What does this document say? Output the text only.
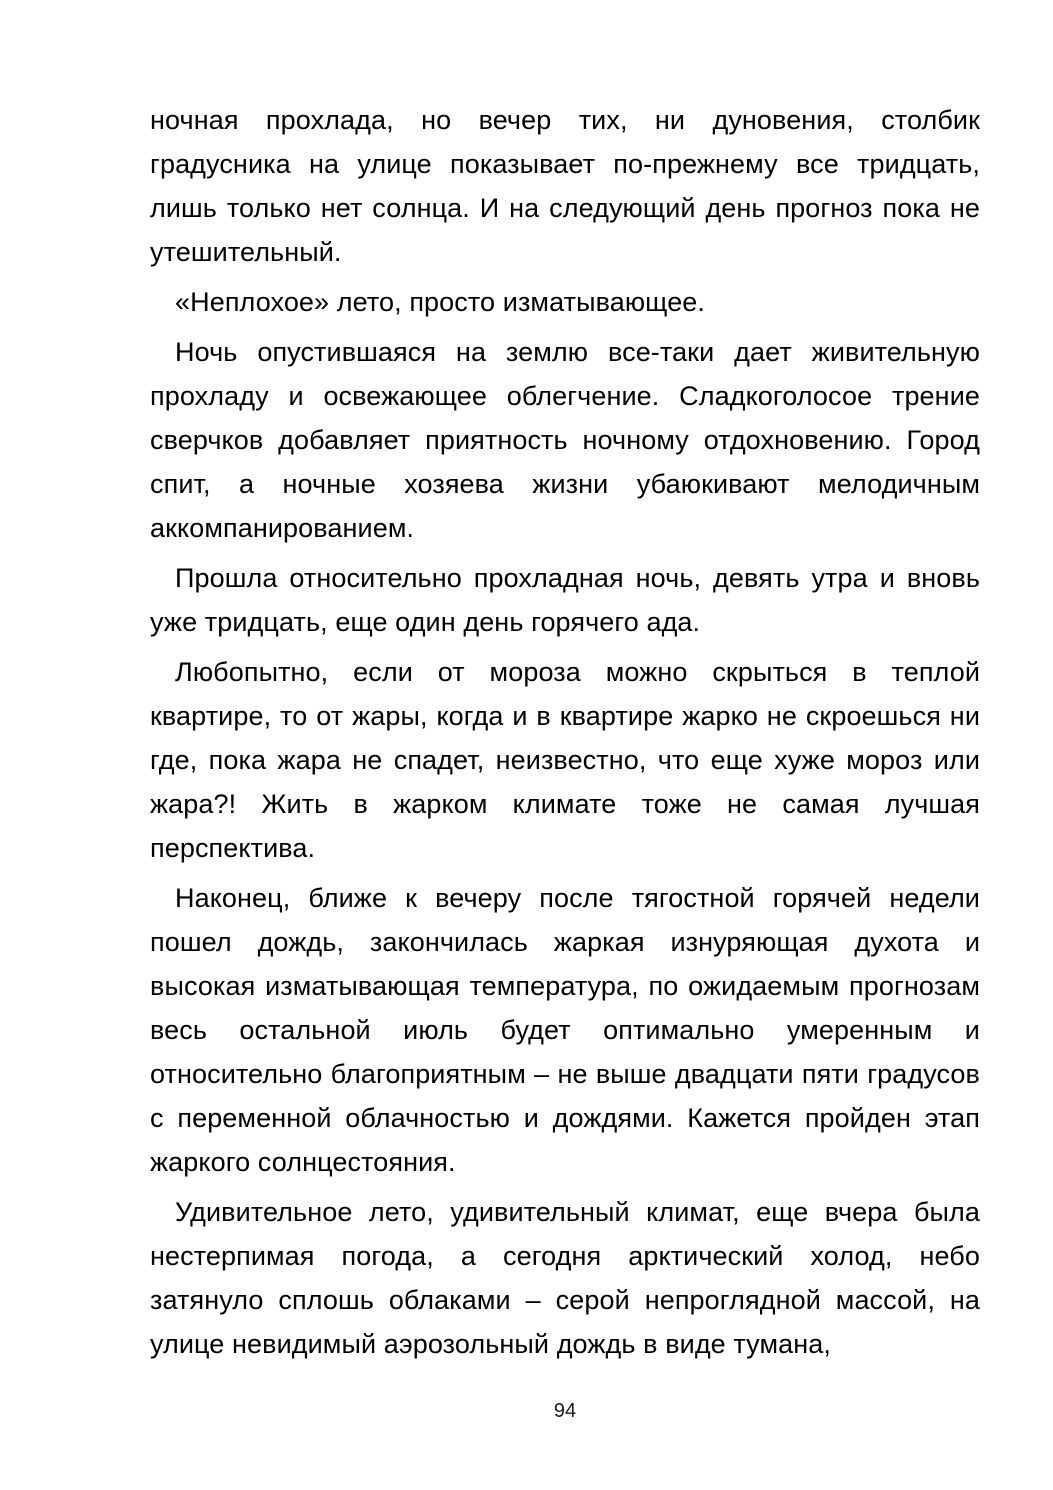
ночная прохлада, но вечер тих, ни дуновения, столбик градусника на улице показывает по-прежнему все тридцать, лишь только нет солнца. И на следующий день прогноз пока не утешительный.

«Неплохое» лето, просто изматывающее.

Ночь опустившаяся на землю все-таки дает живительную прохладу и освежающее облегчение. Сладкоголосое трение сверчков добавляет приятность ночному отдохновению. Город спит, а ночные хозяева жизни убаюкивают мелодичным аккомпанированием.

Прошла относительно прохладная ночь, девять утра и вновь уже тридцать, еще один день горячего ада.

Любопытно, если от мороза можно скрыться в теплой квартире, то от жары, когда и в квартире жарко не скроешься ни где, пока жара не спадет, неизвестно, что еще хуже мороз или жара?! Жить в жарком климате тоже не самая лучшая перспектива.

Наконец, ближе к вечеру после тягостной горячей недели пошел дождь, закончилась жаркая изнуряющая духота и высокая изматывающая температура, по ожидаемым прогнозам весь остальной июль будет оптимально умеренным и относительно благоприятным – не выше двадцати пяти градусов с переменной облачностью и дождями. Кажется пройден этап жаркого солнцестояния.

Удивительное лето, удивительный климат, еще вчера была нестерпимая погода, а сегодня арктический холод, небо затянуло сплошь облаками – серой непроглядной массой, на улице невидимый аэрозольный дождь в виде тумана,

94
